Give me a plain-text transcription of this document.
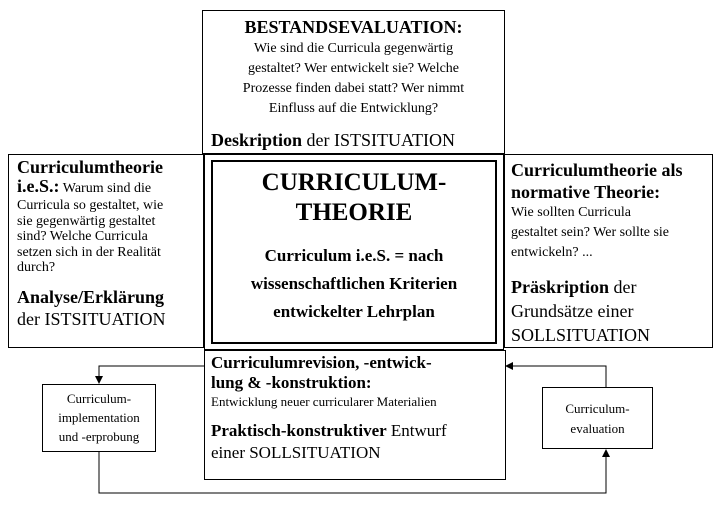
BESTANDSEVALUATION:

Wie sind die Curricula gegenwärtig

gestaltet? Wer entwickelt sie? Welche

Prozesse finden dabei statt? Wer nimmt

Einfluss auf die Entwicklung?

Deskription der ISTSITUATION

Curriculumtheorie

i.e.S.: Warum sind die

Curricula so gestaltet, wie

sie gegenwärtig gestaltet

sind? Welche Curricula

setzen sich in der Realität

durch?

Analyse/Erklärung

der ISTSITUATION

CURRICULUM-

THEORIE

Curriculum i.e.S. = nach

wissenschaftlichen Kriterien

entwickelter Lehrplan

Curriculumtheorie als

normative Theorie:

Wie sollten Curricula

gestaltet sein? Wer sollte sie

entwickeln? ...

Präskription der

Grundsätze einer

SOLLSITUATION

Curriculumrevision, -entwick-

lung & -konstruktion:

Entwicklung neuer curricularer Materialien

Praktisch-konstruktiver Entwurf

einer SOLLSITUATION

Curriculum-

implementation

und -erprobung

Curriculum-

evaluation
